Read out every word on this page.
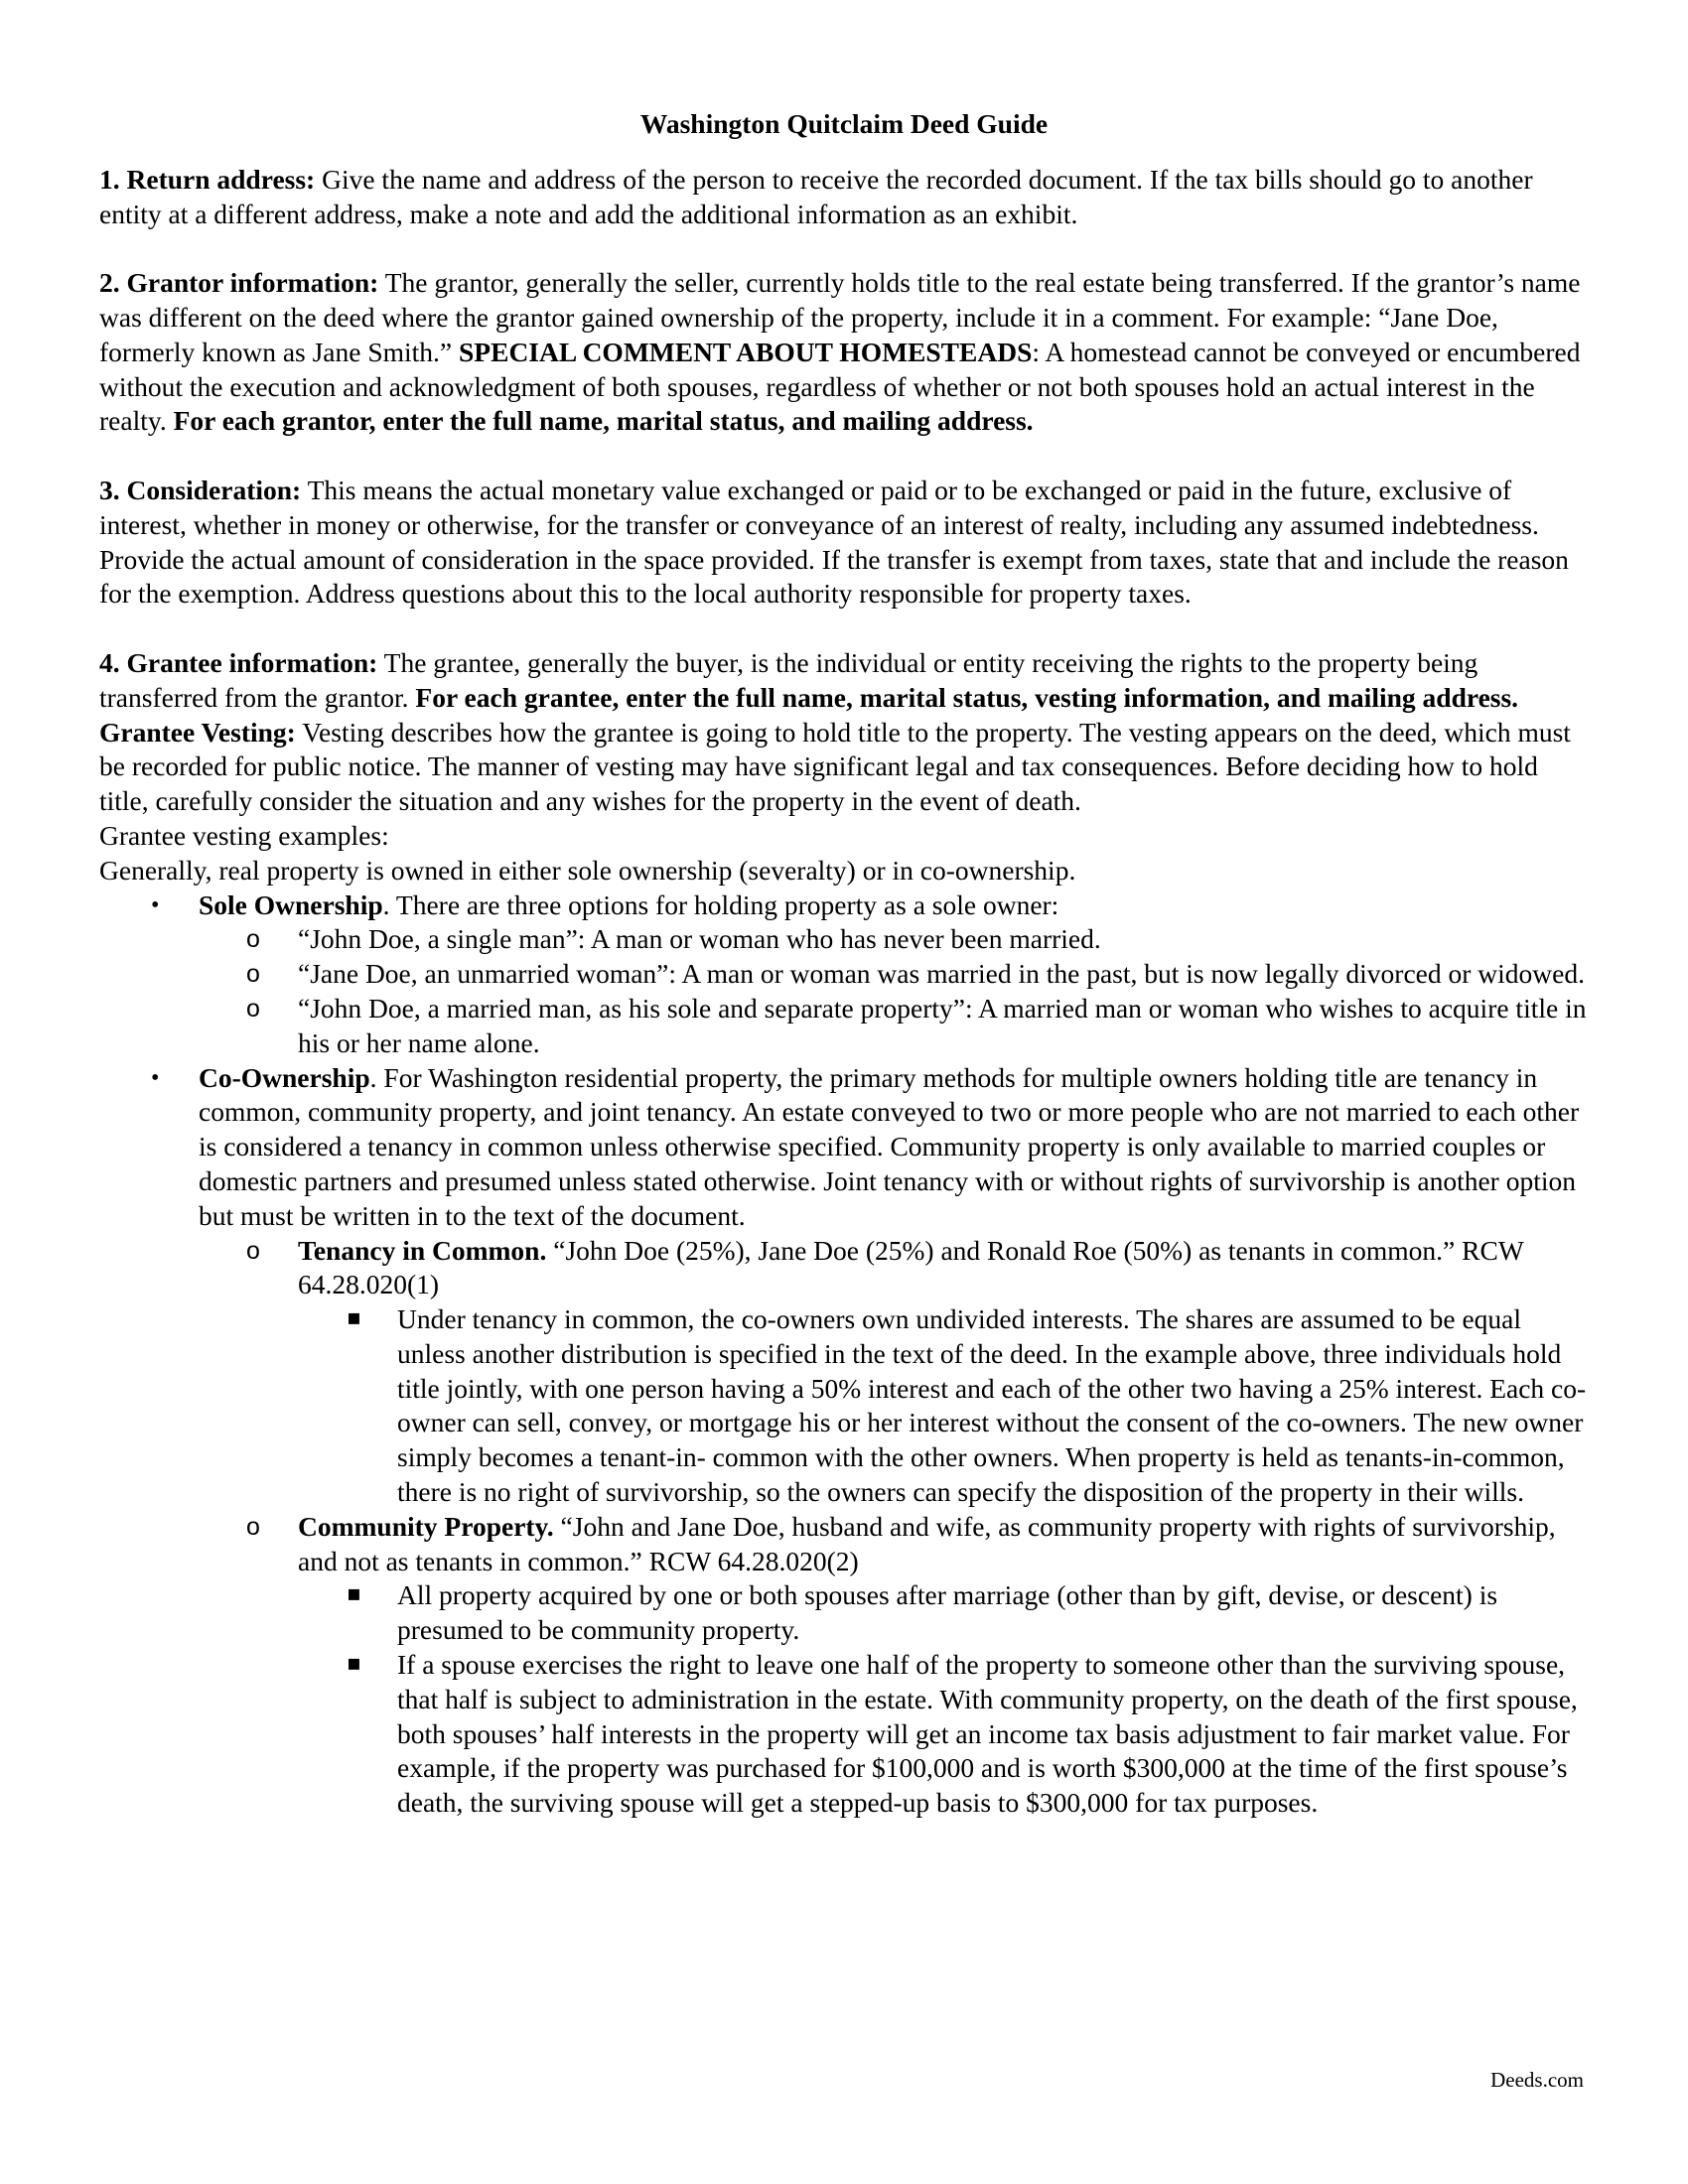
Washington Quitclaim Deed Guide

1. Return address: Give the name and address of the person to receive the recorded document. If the tax bills should go to another entity at a different address, make a note and add the additional information as an exhibit.

2. Grantor information: The grantor, generally the seller, currently holds title to the real estate being transferred. If the grantor’s name was different on the deed where the grantor gained ownership of the property, include it in a comment. For example: “Jane Doe, formerly known as Jane Smith.” SPECIAL COMMENT ABOUT HOMESTEADS: A homestead cannot be conveyed or encumbered without the execution and acknowledgment of both spouses, regardless of whether or not both spouses hold an actual interest in the realty. For each grantor, enter the full name, marital status, and mailing address.

3. Consideration: This means the actual monetary value exchanged or paid or to be exchanged or paid in the future, exclusive of interest, whether in money or otherwise, for the transfer or conveyance of an interest of realty, including any assumed indebtedness. Provide the actual amount of consideration in the space provided. If the transfer is exempt from taxes, state that and include the reason for the exemption. Address questions about this to the local authority responsible for property taxes.

4. Grantee information: The grantee, generally the buyer, is the individual or entity receiving the rights to the property being transferred from the grantor. For each grantee, enter the full name, marital status, vesting information, and mailing address.

Grantee Vesting: Vesting describes how the grantee is going to hold title to the property. The vesting appears on the deed, which must be recorded for public notice. The manner of vesting may have significant legal and tax consequences. Before deciding how to hold title, carefully consider the situation and any wishes for the property in the event of death.

Grantee vesting examples:

Generally, real property is owned in either sole ownership (severalty) or in co-ownership.

• Sole Ownership. There are three options for holding property as a sole owner:
o “John Doe, a single man”: A man or woman who has never been married.
o “Jane Doe, an unmarried woman”: A man or woman was married in the past, but is now legally divorced or widowed.
o “John Doe, a married man, as his sole and separate property”: A married man or woman who wishes to acquire title in his or her name alone.
• Co-Ownership. For Washington residential property, the primary methods for multiple owners holding title are tenancy in common, community property, and joint tenancy. An estate conveyed to two or more people who are not married to each other is considered a tenancy in common unless otherwise specified. Community property is only available to married couples or domestic partners and presumed unless stated otherwise. Joint tenancy with or without rights of survivorship is another option but must be written in to the text of the document.
o Tenancy in Common. “John Doe (25%), Jane Doe (25%) and Ronald Roe (50%) as tenants in common.” RCW 64.28.020(1)
▪ Under tenancy in common, the co-owners own undivided interests. The shares are assumed to be equal unless another distribution is specified in the text of the deed. In the example above, three individuals hold title jointly, with one person having a 50% interest and each of the other two having a 25% interest. Each co-owner can sell, convey, or mortgage his or her interest without the consent of the co-owners. The new owner simply becomes a tenant-in- common with the other owners. When property is held as tenants-in-common, there is no right of survivorship, so the owners can specify the disposition of the property in their wills.
o Community Property. “John and Jane Doe, husband and wife, as community property with rights of survivorship, and not as tenants in common.” RCW 64.28.020(2)
▪ All property acquired by one or both spouses after marriage (other than by gift, devise, or descent) is presumed to be community property.
▪ If a spouse exercises the right to leave one half of the property to someone other than the surviving spouse, that half is subject to administration in the estate. With community property, on the death of the first spouse, both spouses’ half interests in the property will get an income tax basis adjustment to fair market value. For example, if the property was purchased for $100,000 and is worth $300,000 at the time of the first spouse’s death, the surviving spouse will get a stepped-up basis to $300,000 for tax purposes.
Deeds.com
